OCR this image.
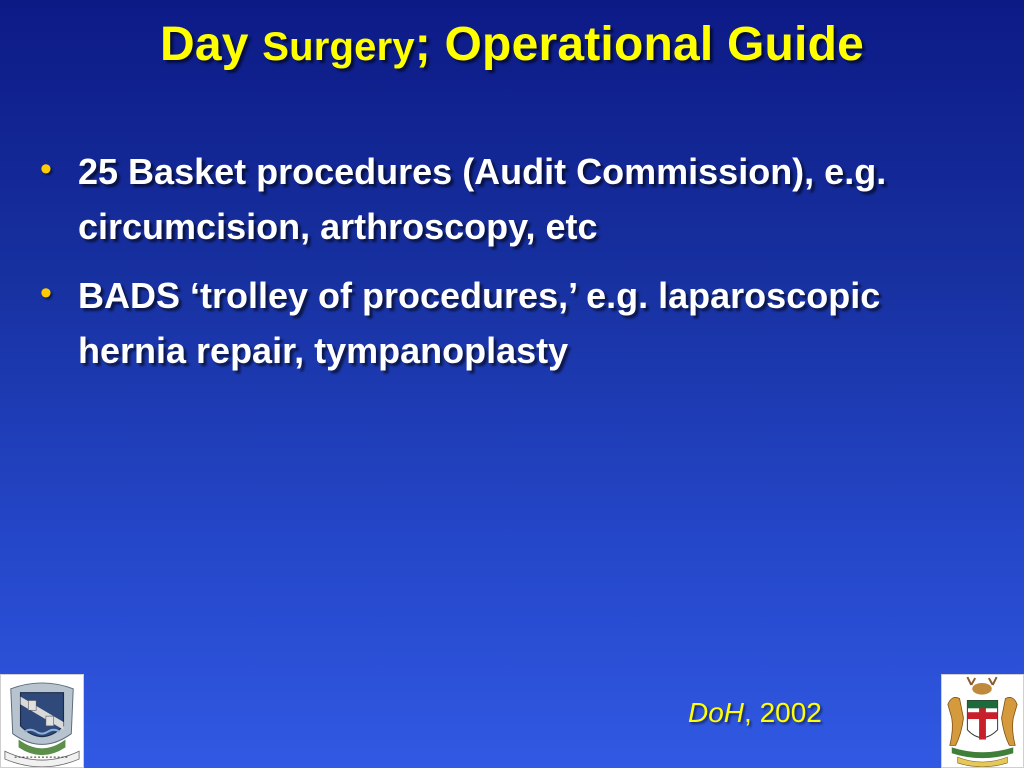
Day Surgery; Operational Guide
• 25 Basket procedures (Audit Commission), e.g. circumcision, arthroscopy, etc
• BADS ‘trolley of procedures,’ e.g. laparoscopic hernia repair, tympanoplasty
DoH, 2002
